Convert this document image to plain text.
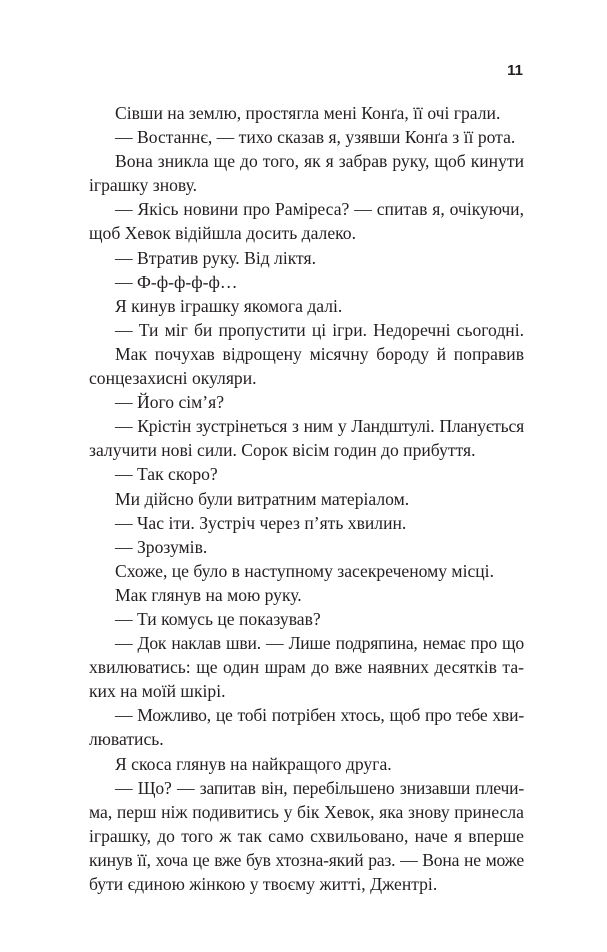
11
Сівши на землю, простягла мені Конґа, її очі грали.
— Востаннє, — тихо сказав я, узявши Конґа з її рота.
Вона зникла ще до того, як я забрав руку, щоб кинути
іграшку знову.
— Якісь новини про Раміреса? — спитав я, очікуючи,
щоб Хевок відійшла досить далеко.
— Втратив руку. Від ліктя.
— Ф-ф-ф-ф-ф…
Я кинув іграшку якомога далі.
— Ти міг би пропустити ці ігри. Недоречні сьогодні.
Мак почухав відрощену місячну бороду й поправив
сонцезахисні окуляри.
— Його сім’я?
— Крістін зустрінеться з ним у Ландштулі. Планується
залучити нові сили. Сорок вісім годин до прибуття.
— Так скоро?
Ми дійсно були витратним матеріалом.
— Час іти. Зустріч через п’ять хвилин.
— Зрозумів.
Схоже, це було в наступному засекреченому місці.
Мак глянув на мою руку.
— Ти комусь це показував?
— Док наклав шви. — Лише подряпина, немає про що
хвилюватись: ще один шрам до вже наявних десятків та-
ких на моїй шкірі.
— Можливо, це тобі потрібен хтось, щоб про тебе хви-
люватись.
Я скоса глянув на найкращого друга.
— Що? — запитав він, перебільшено знизавши плечи-
ма, перш ніж подивитись у бік Хевок, яка знову принесла
іграшку, до того ж так само схвильовано, наче я вперше
кинув її, хоча це вже був хтозна-який раз. — Вона не може
бути єдиною жінкою у твоєму житті, Джентрі.
